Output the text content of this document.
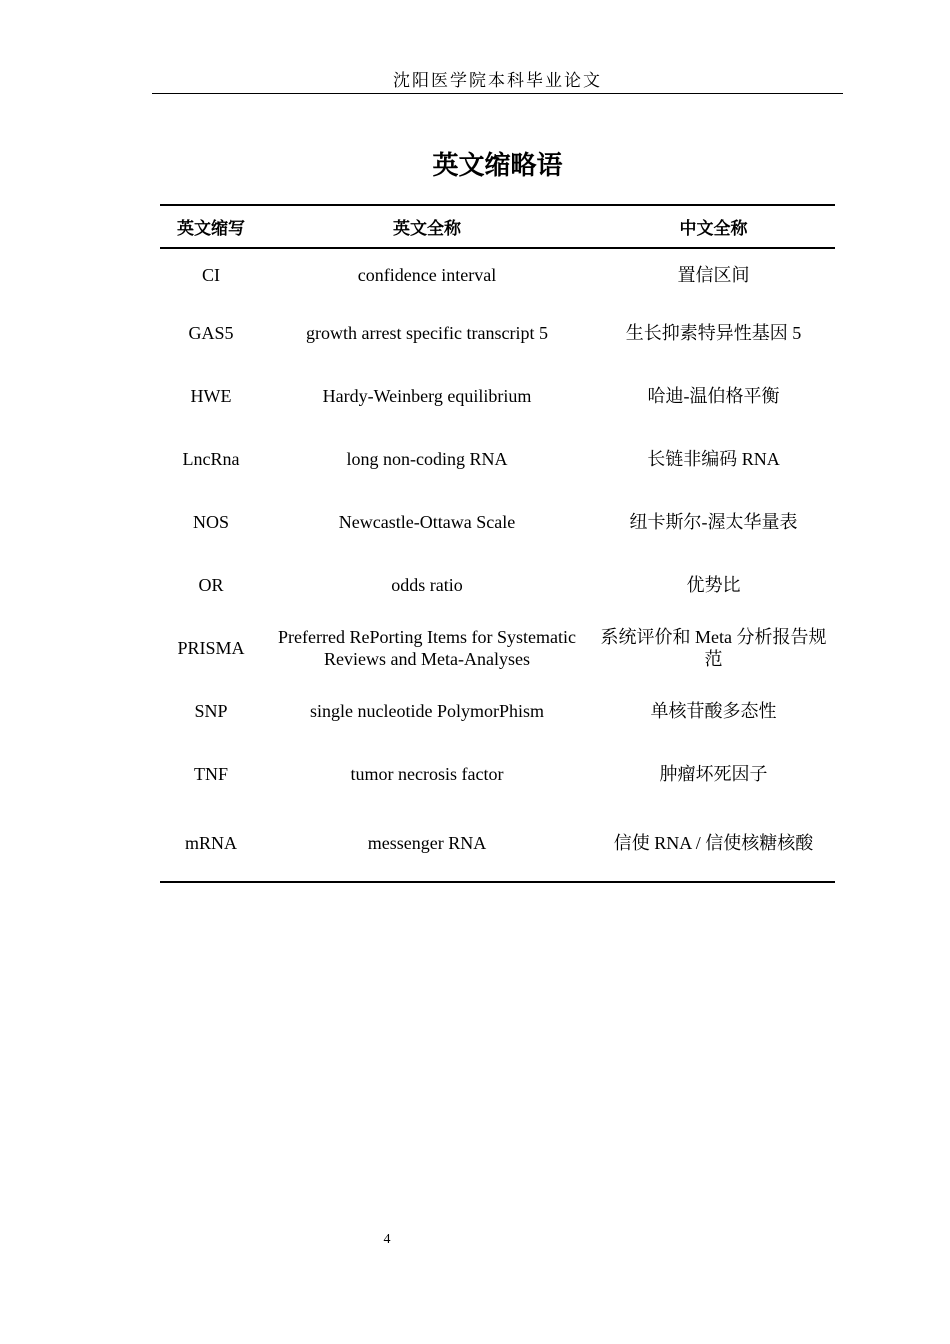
沈阳医学院本科毕业论文
英文缩略语
英文缩写	英文全称	中文全称
CI	confidence interval	置信区间
GAS5	growth arrest specific transcript 5	生长抑素特异性基因 5
HWE	Hardy-Weinberg equilibrium	哈迪-温伯格平衡
LncRna	long non-coding RNA	长链非编码 RNA
NOS	Newcastle-Ottawa Scale	纽卡斯尔-渥太华量表
OR	odds ratio	优势比
PRISMA	Preferred RePorting Items for Systematic Reviews and Meta-Analyses	系统评价和 Meta 分析报告规范
SNP	single nucleotide PolymorPhism	单核苷酸多态性
TNF	tumor necrosis factor	肿瘤坏死因子
mRNA	messenger RNA	信使 RNA / 信使核糖核酸
4
